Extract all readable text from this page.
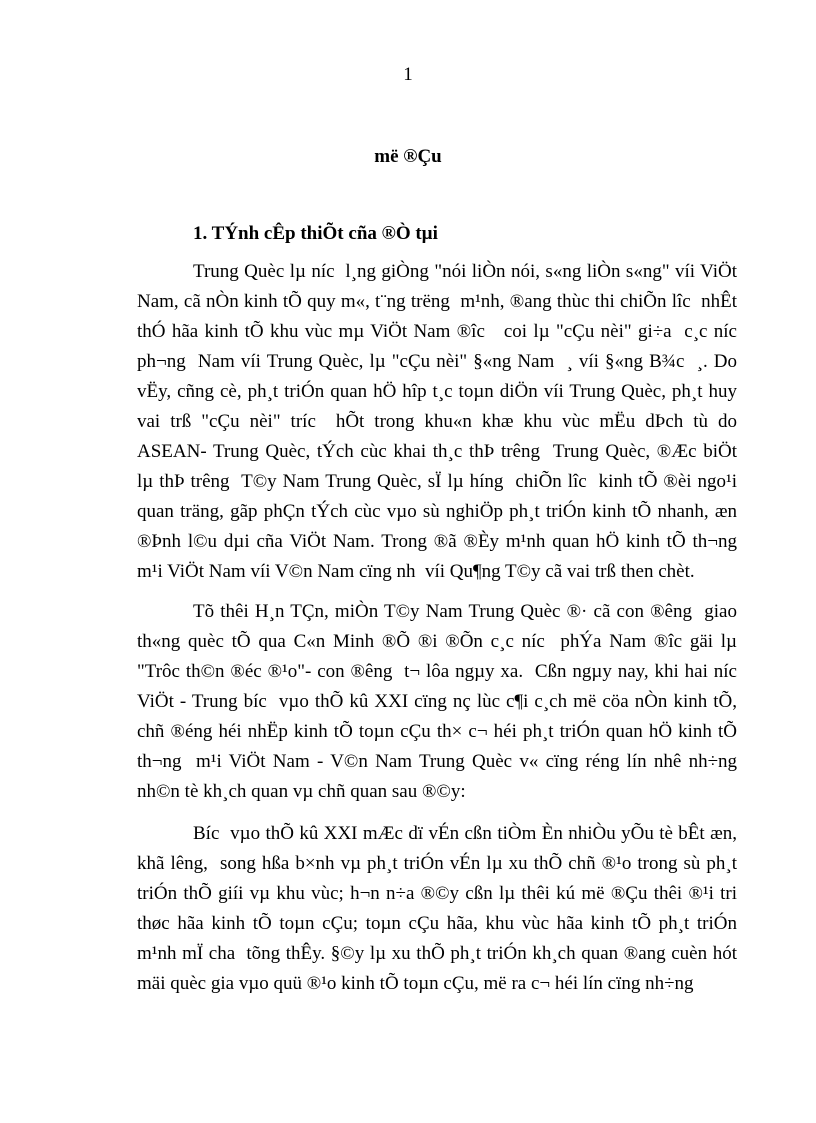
1
më ®Çu
1. TÝnh cÊp thiÕt cña ®Ò tµi
Trung Quèc lµ níc  l¸ng giÒng "nói liÒn nói, s«ng liÒn s«ng" víi ViÖt
Nam, cã nÒn kinh tÕ quy m«, t¨ng trëng  m¹nh, ®ang thùc thi chiÕn lîc  nhÊt
thÓ hãa kinh tÕ khu vùc mµ ViÖt Nam ®îc   coi lµ "cÇu nèi" gi÷a  c¸c níc
ph¬ng  Nam víi Trung Quèc, lµ "cÇu nèi" §«ng Nam  ¸ víi §«ng B¾c  ¸. Do
vËy, cñng cè, ph¸t triÓn quan hÖ hîp t¸c toµn diÖn víi Trung Quèc, ph¸t huy
vai trß "cÇu nèi" tríc  hÕt trong khu«n khæ khu vùc mËu dÞch tù do
ASEAN- Trung Quèc, tÝch cùc khai th¸c thÞ trêng  Trung Quèc, ®Æc biÖt
lµ thÞ trêng  T©y Nam Trung Quèc, sÏ lµ híng  chiÕn lîc  kinh tÕ ®èi ngo¹i
quan träng, gãp phÇn tÝch cùc vµo sù nghiÖp ph¸t triÓn kinh tÕ nhanh, æn
®Þnh l©u dµi cña ViÖt Nam. Trong ®ã ®Èy m¹nh quan hÖ kinh tÕ th¬ng
m¹i ViÖt Nam víi V©n Nam cïng nh  víi Qu¶ng T©y cã vai trß then chèt.
Tõ thêi H¸n TÇn, miÒn T©y Nam Trung Quèc ®· cã con ®êng  giao
th«ng quèc tÕ qua C«n Minh ®Õ ®i ®Õn c¸c níc  phÝa Nam ®îc gäi lµ
"Trôc th©n ®éc ®¹o"- con ®êng  t¬ lôa ngµy xa.  Cßn ngµy nay, khi hai níc
ViÖt - Trung bíc  vµo thÕ kû XXI cïng nç lùc c¶i c¸ch më cöa nÒn kinh tÕ,
chñ ®éng héi nhËp kinh tÕ toµn cÇu th× c¬ héi ph¸t triÓn quan hÖ kinh tÕ
th¬ng  m¹i ViÖt Nam - V©n Nam Trung Quèc v« cïng réng lín nhê nh÷ng
nh©n tè kh¸ch quan vµ chñ quan sau ®©y:
Bíc  vµo thÕ kû XXI mÆc dï vÉn cßn tiÒm Èn nhiÒu yÕu tè bÊt æn,
khã lêng,  song hßa b×nh vµ ph¸t triÓn vÉn lµ xu thÕ chñ ®¹o trong sù ph¸t
triÓn thÕ giíi vµ khu vùc; h¬n n÷a ®©y cßn lµ thêi kú më ®Çu thêi ®¹i tri
thøc hãa kinh tÕ toµn cÇu; toµn cÇu hãa, khu vùc hãa kinh tÕ ph¸t triÓn
m¹nh mÏ cha  tõng thÊy. §©y lµ xu thÕ ph¸t triÓn kh¸ch quan ®ang cuèn hót
mäi quèc gia vµo quü ®¹o kinh tÕ toµn cÇu, më ra c¬ héi lín cïng nh÷ng
